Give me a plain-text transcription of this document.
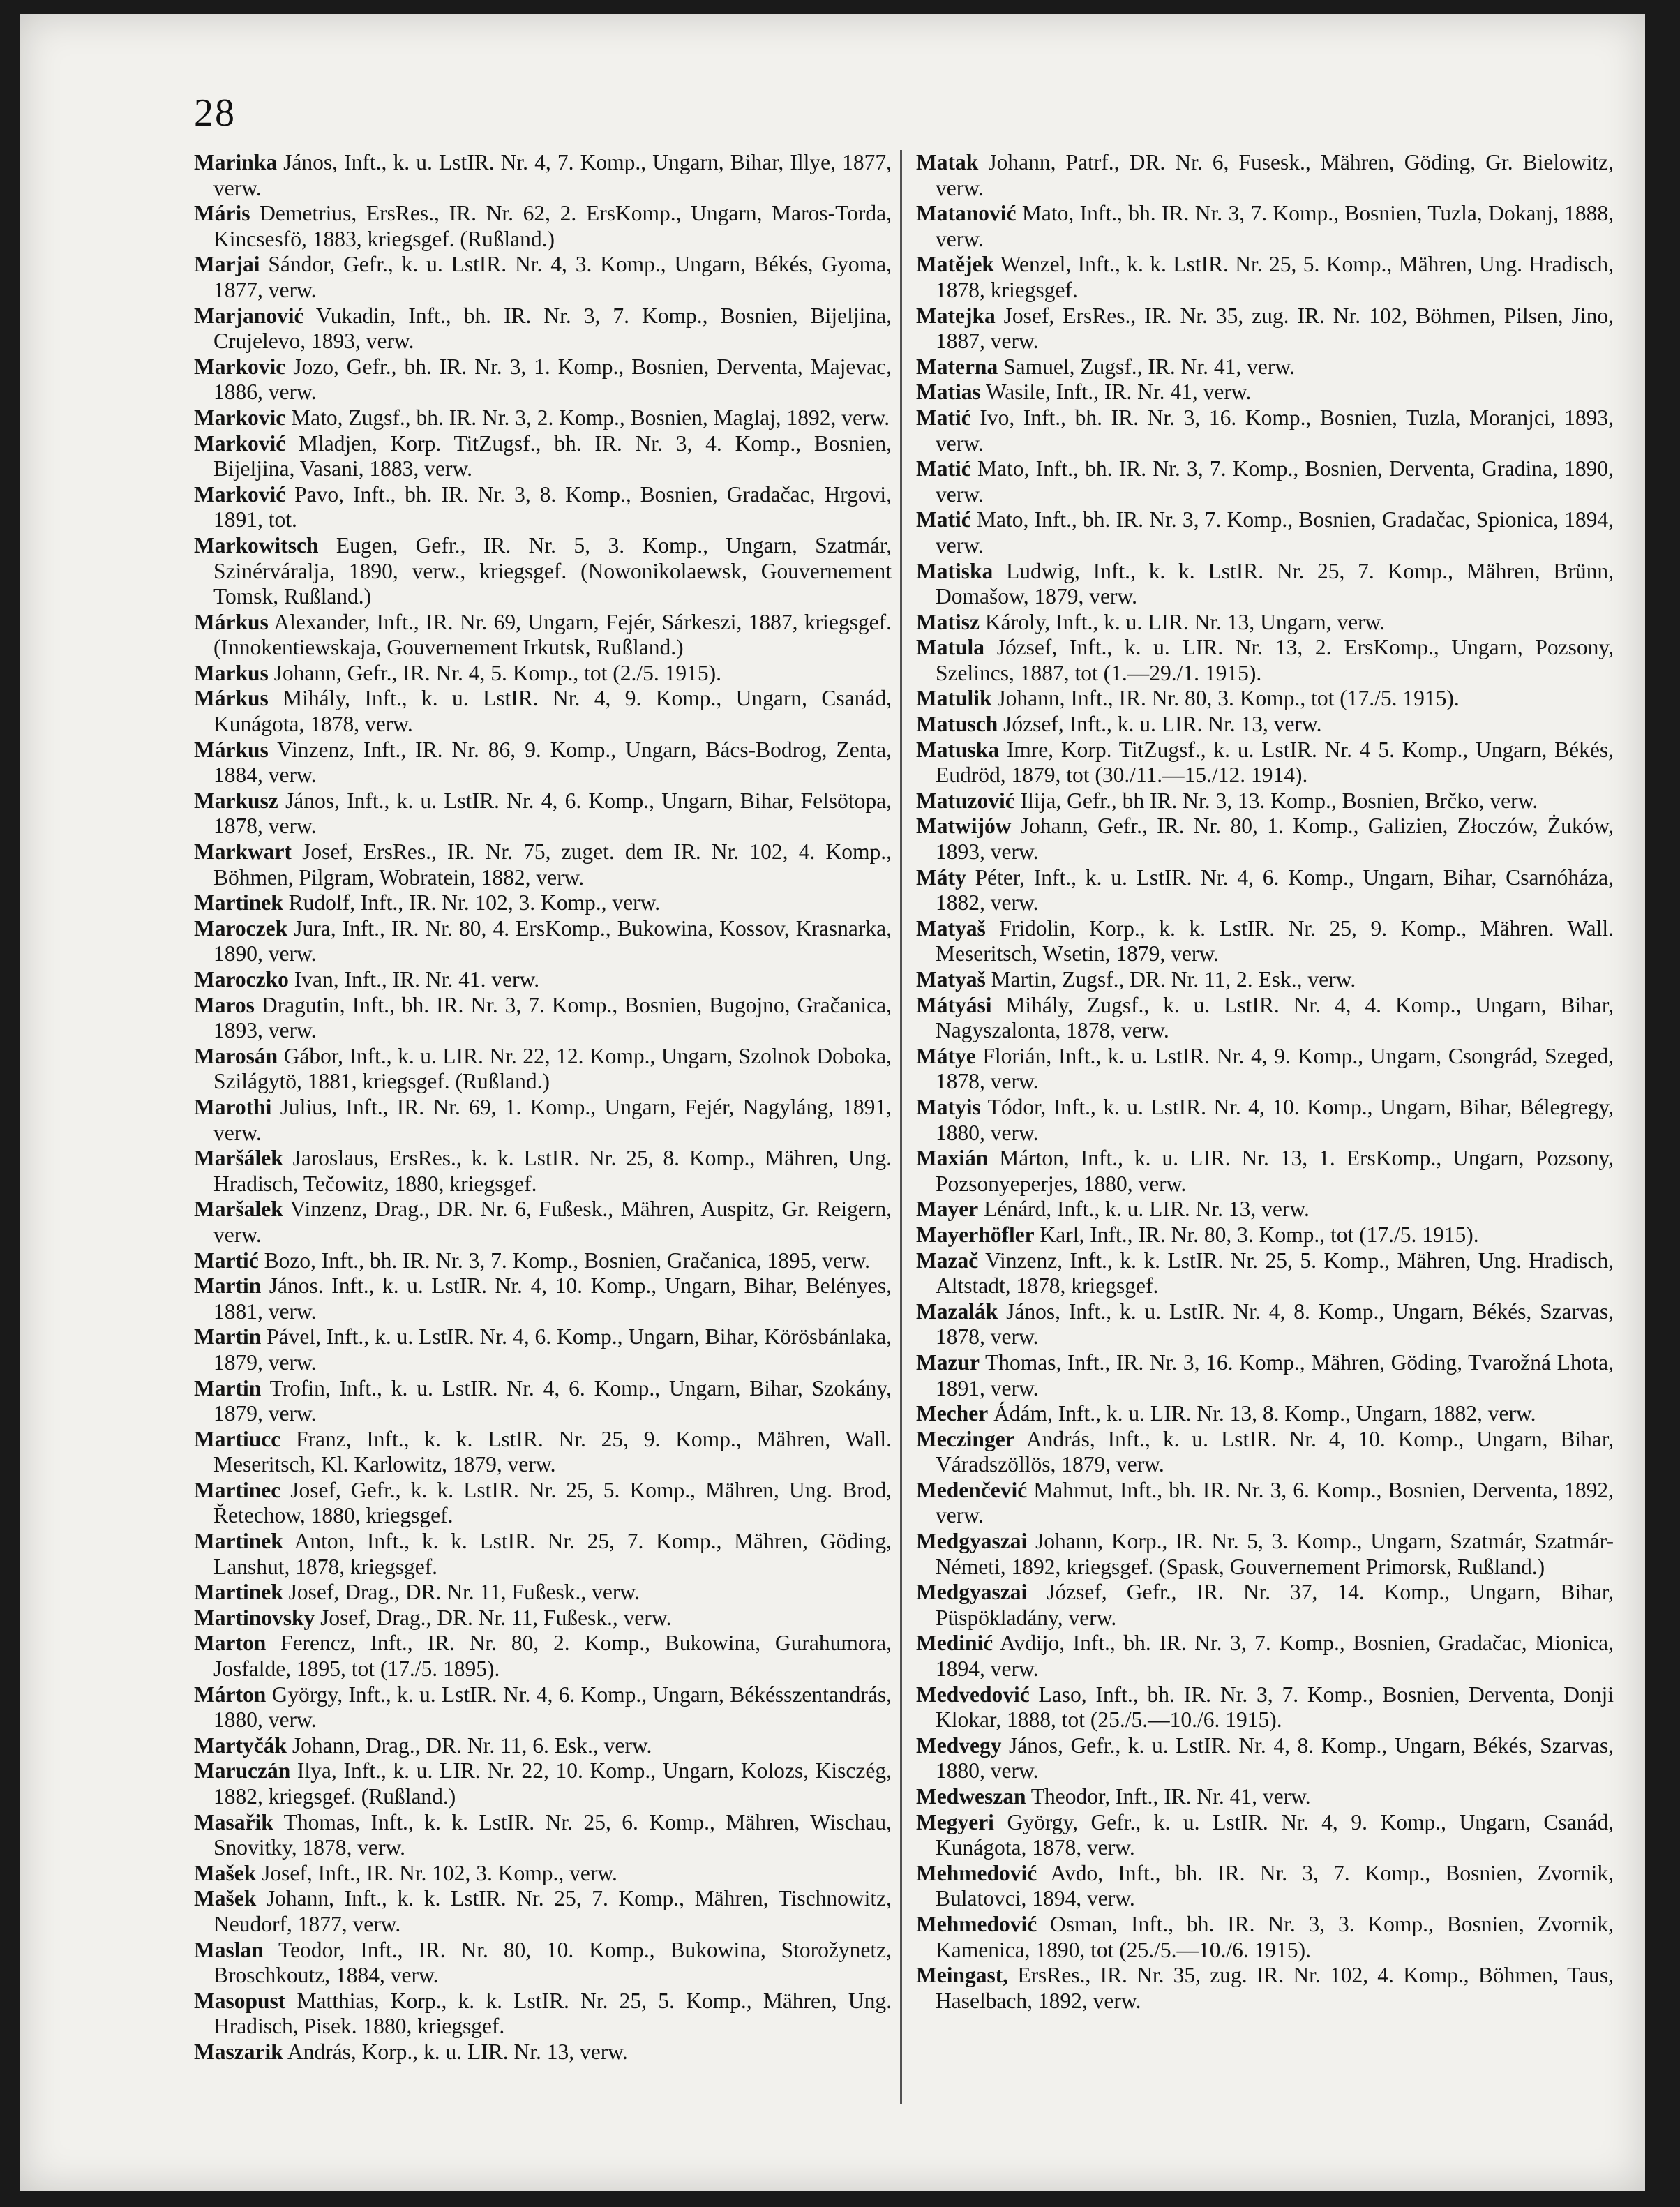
28

Marinka János, Inft., k. u. LstIR. Nr. 4, 7. Komp., Ungarn, Bihar, Illye, 1877, verw.

Máris Demetrius, ErsRes., IR. Nr. 62, 2. ErsKomp., Ungarn, Maros-Torda, Kincsesfö, 1883, kriegsgef. (Rußland.)

Marjai Sándor, Gefr., k. u. LstIR. Nr. 4, 3. Komp., Ungarn, Békés, Gyoma, 1877, verw.

Marjanović Vukadin, Inft., bh. IR. Nr. 3, 7. Komp., Bosnien, Bijeljina, Crujelevo, 1893, verw.

Markovic Jozo, Gefr., bh. IR. Nr. 3, 1. Komp., Bosnien, Derventa, Majevac, 1886, verw.

Markovic Mato, Zugsf., bh. IR. Nr. 3, 2. Komp., Bosnien, Maglaj, 1892, verw.

Marković Mladjen, Korp. TitZugsf., bh. IR. Nr. 3, 4. Komp., Bosnien, Bijeljina, Vasani, 1883, verw.

Marković Pavo, Inft., bh. IR. Nr. 3, 8. Komp., Bosnien, Gradačac, Hrgovi, 1891, tot.

Markowitsch Eugen, Gefr., IR. Nr. 5, 3. Komp., Ungarn, Szatmár, Szinérváralja, 1890, verw., kriegsgef. (Nowonikolaewsk, Gouvernement Tomsk, Rußland.)

Márkus Alexander, Inft., IR. Nr. 69, Ungarn, Fejér, Sárkeszi, 1887, kriegsgef. (Innokentiewskaja, Gouvernement Irkutsk, Rußland.)

Markus Johann, Gefr., IR. Nr. 4, 5. Komp., tot (2./5. 1915).

Márkus Mihály, Inft., k. u. LstIR. Nr. 4, 9. Komp., Ungarn, Csanád, Kunágota, 1878, verw.

Márkus Vinzenz, Inft., IR. Nr. 86, 9. Komp., Ungarn, Bács-Bodrog, Zenta, 1884, verw.

Markusz János, Inft., k. u. LstIR. Nr. 4, 6. Komp., Ungarn, Bihar, Felsötopa, 1878, verw.

Markwart Josef, ErsRes., IR. Nr. 75, zuget. dem IR. Nr. 102, 4. Komp., Böhmen, Pilgram, Wobratein, 1882, verw.

Martinek Rudolf, Inft., IR. Nr. 102, 3. Komp., verw.

Maroczek Jura, Inft., IR. Nr. 80, 4. ErsKomp., Bukowina, Kossov, Krasnarka, 1890, verw.

Maroczko Ivan, Inft., IR. Nr. 41. verw.

Maros Dragutin, Inft., bh. IR. Nr. 3, 7. Komp., Bosnien, Bugojno, Gračanica, 1893, verw.

Marosán Gábor, Inft., k. u. LIR. Nr. 22, 12. Komp., Ungarn, Szolnok Doboka, Szilágytö, 1881, kriegsgef. (Rußland.)

Marothi Julius, Inft., IR. Nr. 69, 1. Komp., Ungarn, Fejér, Nagyláng, 1891, verw.

Maršálek Jaroslaus, ErsRes., k. k. LstIR. Nr. 25, 8. Komp., Mähren, Ung. Hradisch, Tečowitz, 1880, kriegsgef.

Maršalek Vinzenz, Drag., DR. Nr. 6, Fußesk., Mähren, Auspitz, Gr. Reigern, verw.

Martić Bozo, Inft., bh. IR. Nr. 3, 7. Komp., Bosnien, Gračanica, 1895, verw.

Martin János. Inft., k. u. LstIR. Nr. 4, 10. Komp., Ungarn, Bihar, Belényes, 1881, verw.

Martin Pável, Inft., k. u. LstIR. Nr. 4, 6. Komp., Ungarn, Bihar, Körösbánlaka, 1879, verw.

Martin Trofin, Inft., k. u. LstIR. Nr. 4, 6. Komp., Ungarn, Bihar, Szokány, 1879, verw.

Martiucc Franz, Inft., k. k. LstIR. Nr. 25, 9. Komp., Mähren, Wall. Meseritsch, Kl. Karlowitz, 1879, verw.

Martinec Josef, Gefr., k. k. LstIR. Nr. 25, 5. Komp., Mähren, Ung. Brod, Řetechow, 1880, kriegsgef.

Martinek Anton, Inft., k. k. LstIR. Nr. 25, 7. Komp., Mähren, Göding, Lanshut, 1878, kriegsgef.

Martinek Josef, Drag., DR. Nr. 11, Fußesk., verw.

Martinovsky Josef, Drag., DR. Nr. 11, Fußesk., verw.

Marton Ferencz, Inft., IR. Nr. 80, 2. Komp., Bukowina, Gurahumora, Josfalde, 1895, tot (17./5. 1895).

Márton György, Inft., k. u. LstIR. Nr. 4, 6. Komp., Ungarn, Békésszentandrás, 1880, verw.

Martyčák Johann, Drag., DR. Nr. 11, 6. Esk., verw.

Maruczán Ilya, Inft., k. u. LIR. Nr. 22, 10. Komp., Ungarn, Kolozs, Kisczég, 1882, kriegsgef. (Rußland.)

Masařik Thomas, Inft., k. k. LstIR. Nr. 25, 6. Komp., Mähren, Wischau, Snovitky, 1878, verw.

Mašek Josef, Inft., IR. Nr. 102, 3. Komp., verw.

Mašek Johann, Inft., k. k. LstIR. Nr. 25, 7. Komp., Mähren, Tischnowitz, Neudorf, 1877, verw.

Maslan Teodor, Inft., IR. Nr. 80, 10. Komp., Bukowina, Storožynetz, Broschkoutz, 1884, verw.

Masopust Matthias, Korp., k. k. LstIR. Nr. 25, 5. Komp., Mähren, Ung. Hradisch, Pisek. 1880, kriegsgef.

Maszarik András, Korp., k. u. LIR. Nr. 13, verw.

Matak Johann, Patrf., DR. Nr. 6, Fusesk., Mähren, Göding, Gr. Bielowitz, verw.

Matanović Mato, Inft., bh. IR. Nr. 3, 7. Komp., Bosnien, Tuzla, Dokanj, 1888, verw.

Matějek Wenzel, Inft., k. k. LstIR. Nr. 25, 5. Komp., Mähren, Ung. Hradisch, 1878, kriegsgef.

Matejka Josef, ErsRes., IR. Nr. 35, zug. IR. Nr. 102, Böhmen, Pilsen, Jino, 1887, verw.

Materna Samuel, Zugsf., IR. Nr. 41, verw.

Matias Wasile, Inft., IR. Nr. 41, verw.

Matić Ivo, Inft., bh. IR. Nr. 3, 16. Komp., Bosnien, Tuzla, Moranjci, 1893, verw.

Matić Mato, Inft., bh. IR. Nr. 3, 7. Komp., Bosnien, Derventa, Gradina, 1890, verw.

Matić Mato, Inft., bh. IR. Nr. 3, 7. Komp., Bosnien, Gradačac, Spionica, 1894, verw.

Matiska Ludwig, Inft., k. k. LstIR. Nr. 25, 7. Komp., Mähren, Brünn, Domašow, 1879, verw.

Matisz Károly, Inft., k. u. LIR. Nr. 13, Ungarn, verw.

Matula József, Inft., k. u. LIR. Nr. 13, 2. ErsKomp., Ungarn, Pozsony, Szelincs, 1887, tot (1.—29./1. 1915).

Matulik Johann, Inft., IR. Nr. 80, 3. Komp., tot (17./5. 1915).

Matusch József, Inft., k. u. LIR. Nr. 13, verw.

Matuska Imre, Korp. TitZugsf., k. u. LstIR. Nr. 4 5. Komp., Ungarn, Békés, Eudröd, 1879, tot (30./11.—15./12. 1914).

Matuzović Ilija, Gefr., bh IR. Nr. 3, 13. Komp., Bosnien, Brčko, verw.

Matwijów Johann, Gefr., IR. Nr. 80, 1. Komp., Galizien, Złoczów, Żuków, 1893, verw.

Máty Péter, Inft., k. u. LstIR. Nr. 4, 6. Komp., Ungarn, Bihar, Csarnóháza, 1882, verw.

Matyaš Fridolin, Korp., k. k. LstIR. Nr. 25, 9. Komp., Mähren. Wall. Meseritsch, Wsetin, 1879, verw.

Matyaš Martin, Zugsf., DR. Nr. 11, 2. Esk., verw.

Mátyási Mihály, Zugsf., k. u. LstIR. Nr. 4, 4. Komp., Ungarn, Bihar, Nagyszalonta, 1878, verw.

Mátye Florián, Inft., k. u. LstIR. Nr. 4, 9. Komp., Ungarn, Csongrád, Szeged, 1878, verw.

Matyis Tódor, Inft., k. u. LstIR. Nr. 4, 10. Komp., Ungarn, Bihar, Bélegregy, 1880, verw.

Maxián Márton, Inft., k. u. LIR. Nr. 13, 1. ErsKomp., Ungarn, Pozsony, Pozsonyeperjes, 1880, verw.

Mayer Lénárd, Inft., k. u. LIR. Nr. 13, verw.

Mayerhöfler Karl, Inft., IR. Nr. 80, 3. Komp., tot (17./5. 1915).

Mazač Vinzenz, Inft., k. k. LstIR. Nr. 25, 5. Komp., Mähren, Ung. Hradisch, Altstadt, 1878, kriegsgef.

Mazalák János, Inft., k. u. LstIR. Nr. 4, 8. Komp., Ungarn, Békés, Szarvas, 1878, verw.

Mazur Thomas, Inft., IR. Nr. 3, 16. Komp., Mähren, Göding, Tvarožná Lhota, 1891, verw.

Mecher Ádám, Inft., k. u. LIR. Nr. 13, 8. Komp., Ungarn, 1882, verw.

Meczinger András, Inft., k. u. LstIR. Nr. 4, 10. Komp., Ungarn, Bihar, Váradszöllös, 1879, verw.

Medenčević Mahmut, Inft., bh. IR. Nr. 3, 6. Komp., Bosnien, Derventa, 1892, verw.

Medgyaszai Johann, Korp., IR. Nr. 5, 3. Komp., Ungarn, Szatmár, Szatmár-Németi, 1892, kriegsgef. (Spask, Gouvernement Primorsk, Rußland.)

Medgyaszai József, Gefr., IR. Nr. 37, 14. Komp., Ungarn, Bihar, Püspökladány, verw.

Medinić Avdijo, Inft., bh. IR. Nr. 3, 7. Komp., Bosnien, Gradačac, Mionica, 1894, verw.

Medvedović Laso, Inft., bh. IR. Nr. 3, 7. Komp., Bosnien, Derventa, Donji Klokar, 1888, tot (25./5.—10./6. 1915).

Medvegy János, Gefr., k. u. LstIR. Nr. 4, 8. Komp., Ungarn, Békés, Szarvas, 1880, verw.

Medweszan Theodor, Inft., IR. Nr. 41, verw.

Megyeri György, Gefr., k. u. LstIR. Nr. 4, 9. Komp., Ungarn, Csanád, Kunágota, 1878, verw.

Mehmedović Avdo, Inft., bh. IR. Nr. 3, 7. Komp., Bosnien, Zvornik, Bulatovci, 1894, verw.

Mehmedović Osman, Inft., bh. IR. Nr. 3, 3. Komp., Bosnien, Zvornik, Kamenica, 1890, tot (25./5.—10./6. 1915).

Meingast, ErsRes., IR. Nr. 35, zug. IR. Nr. 102, 4. Komp., Böhmen, Taus, Haselbach, 1892, verw.
